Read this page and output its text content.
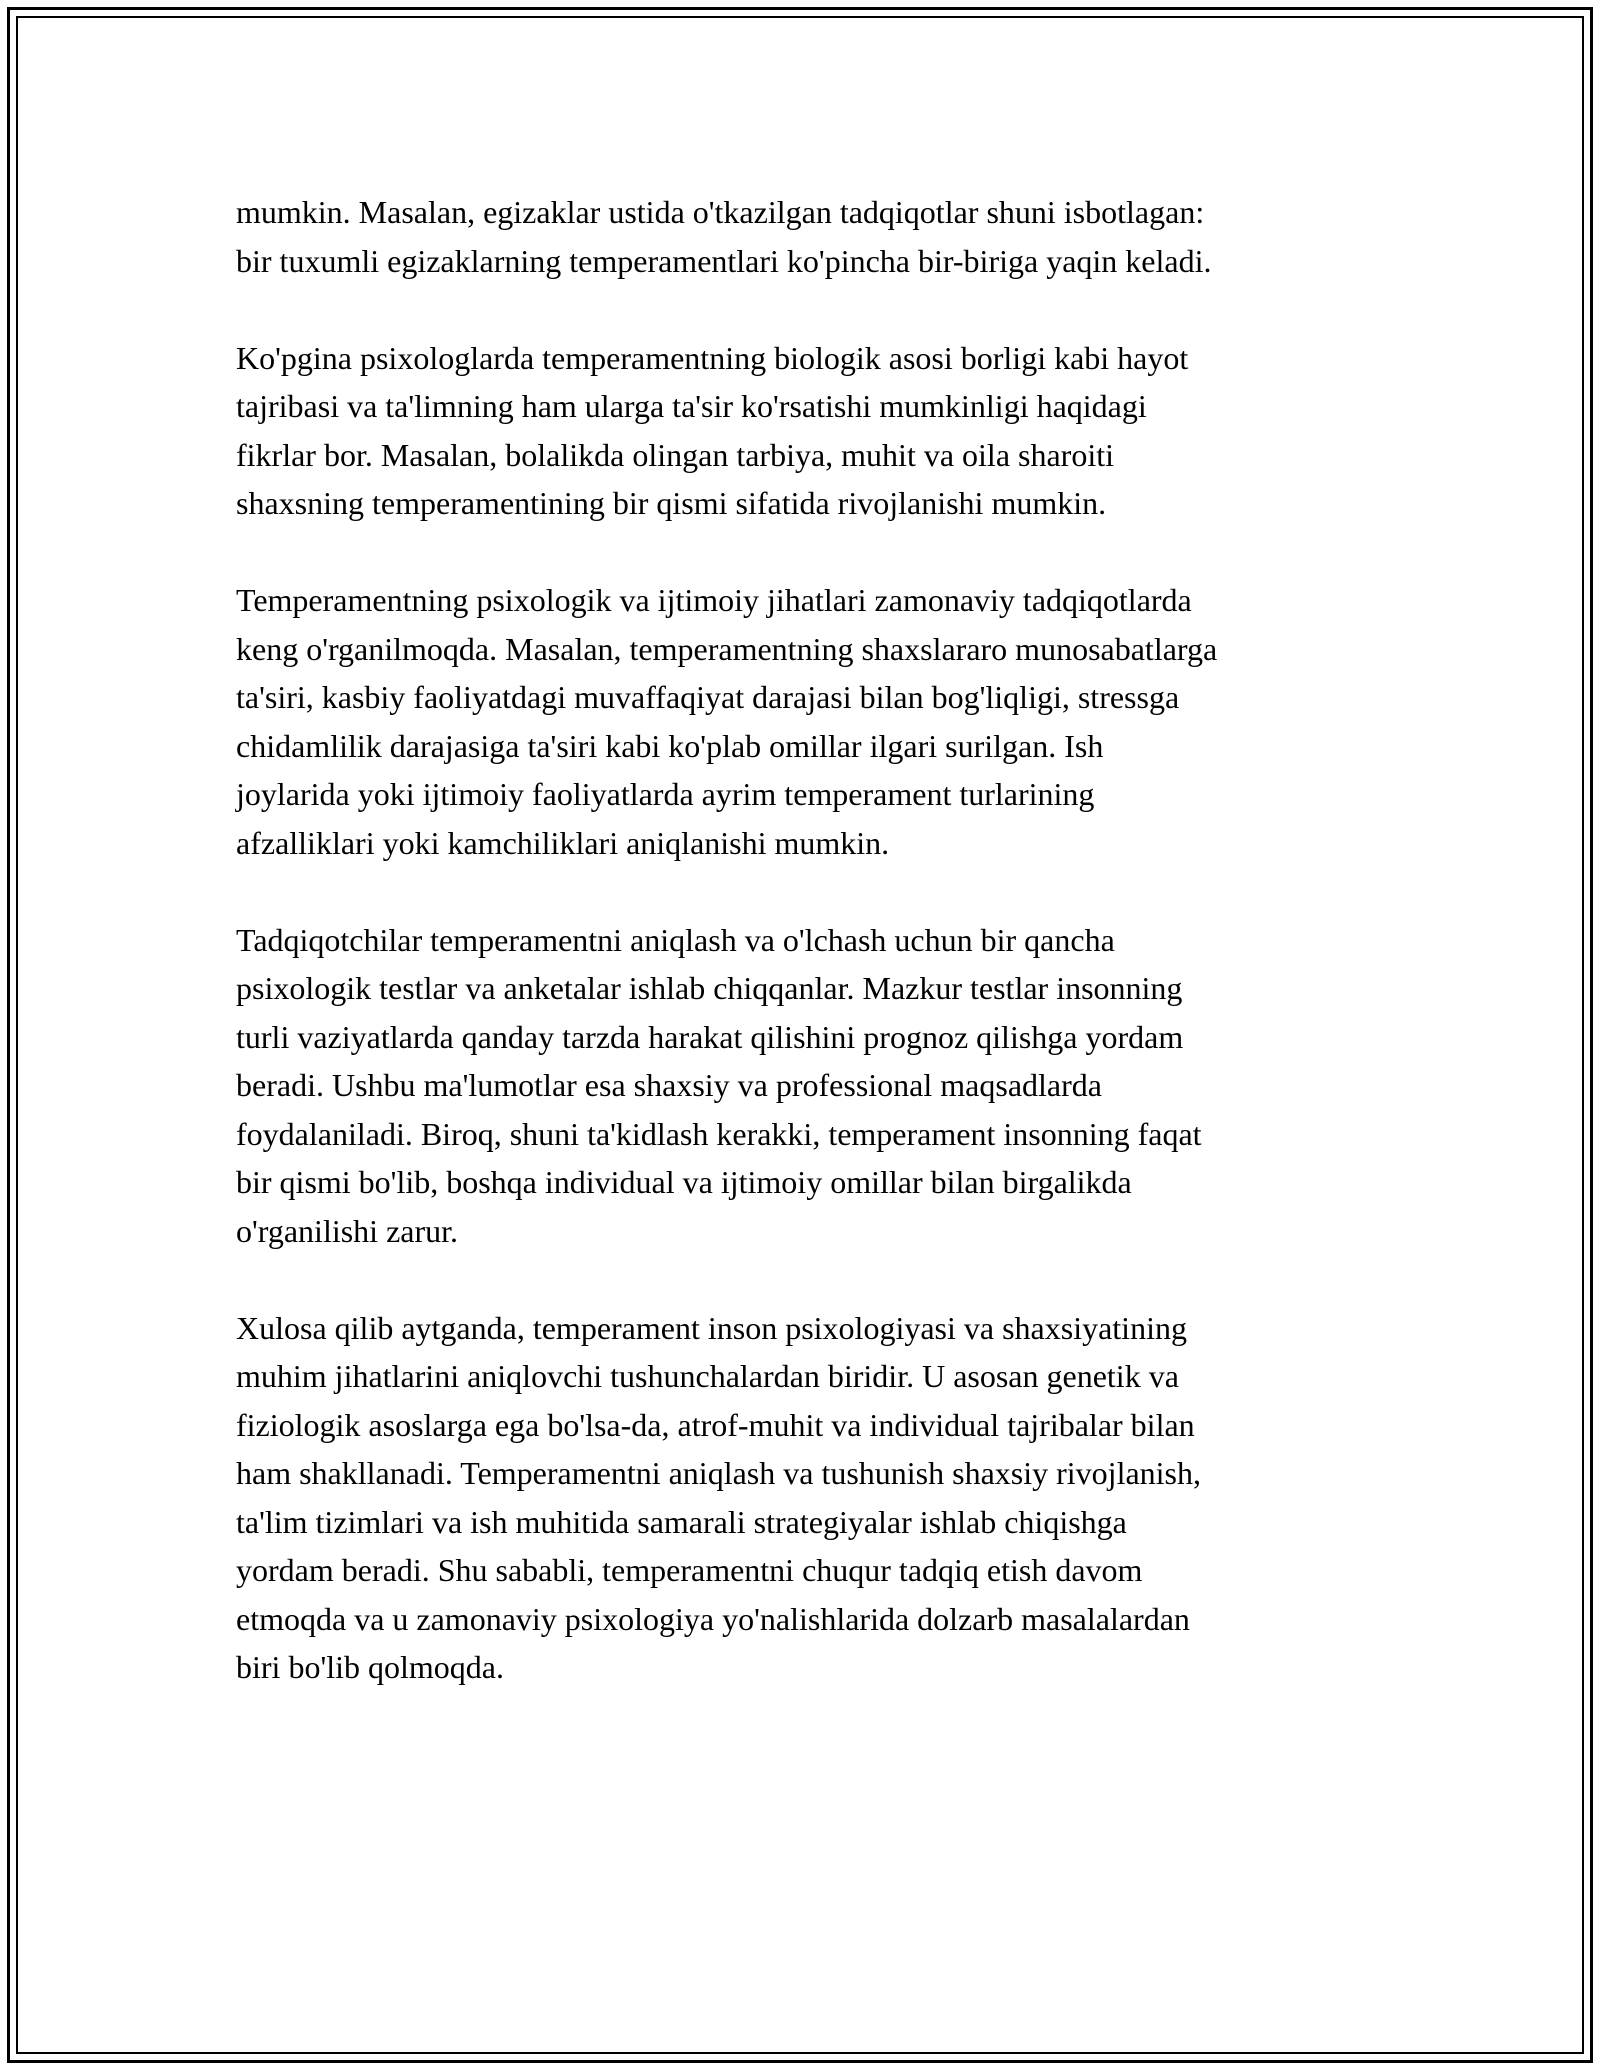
mumkin. Masalan, egizaklar ustida o'tkazilgan tadqiqotlar shuni isbotlagan:
bir tuxumli egizaklarning temperamentlari ko'pincha bir-biriga yaqin keladi.

Ko'pgina psixologlarda temperamentning biologik asosi borligi kabi hayot
tajribasi va ta'limning ham ularga ta'sir ko'rsatishi mumkinligi haqidagi
fikrlar bor. Masalan, bolalikda olingan tarbiya, muhit va oila sharoiti
shaxsning temperamentining bir qismi sifatida rivojlanishi mumkin.

Temperamentning psixologik va ijtimoiy jihatlari zamonaviy tadqiqotlarda
keng o'rganilmoqda. Masalan, temperamentning shaxslararo munosabatlarga
ta'siri, kasbiy faoliyatdagi muvaffaqiyat darajasi bilan bog'liqligi, stressga
chidamlilik darajasiga ta'siri kabi ko'plab omillar ilgari surilgan. Ish
joylarida yoki ijtimoiy faoliyatlarda ayrim temperament turlarining
afzalliklari yoki kamchiliklari aniqlanishi mumkin.

Tadqiqotchilar temperamentni aniqlash va o'lchash uchun bir qancha
psixologik testlar va anketalar ishlab chiqqanlar. Mazkur testlar insonning
turli vaziyatlarda qanday tarzda harakat qilishini prognoz qilishga yordam
beradi. Ushbu ma'lumotlar esa shaxsiy va professional maqsadlarda
foydalaniladi. Biroq, shuni ta'kidlash kerakki, temperament insonning faqat
bir qismi bo'lib, boshqa individual va ijtimoiy omillar bilan birgalikda
o'rganilishi zarur.

Xulosa qilib aytganda, temperament inson psixologiyasi va shaxsiyatining
muhim jihatlarini aniqlovchi tushunchalardan biridir. U asosan genetik va
fiziologik asoslarga ega bo'lsa-da, atrof-muhit va individual tajribalar bilan
ham shakllanadi. Temperamentni aniqlash va tushunish shaxsiy rivojlanish,
ta'lim tizimlari va ish muhitida samarali strategiyalar ishlab chiqishga
yordam beradi. Shu sababli, temperamentni chuqur tadqiq etish davom
etmoqda va u zamonaviy psixologiya yo'nalishlarida dolzarb masalalardan
biri bo'lib qolmoqda.
